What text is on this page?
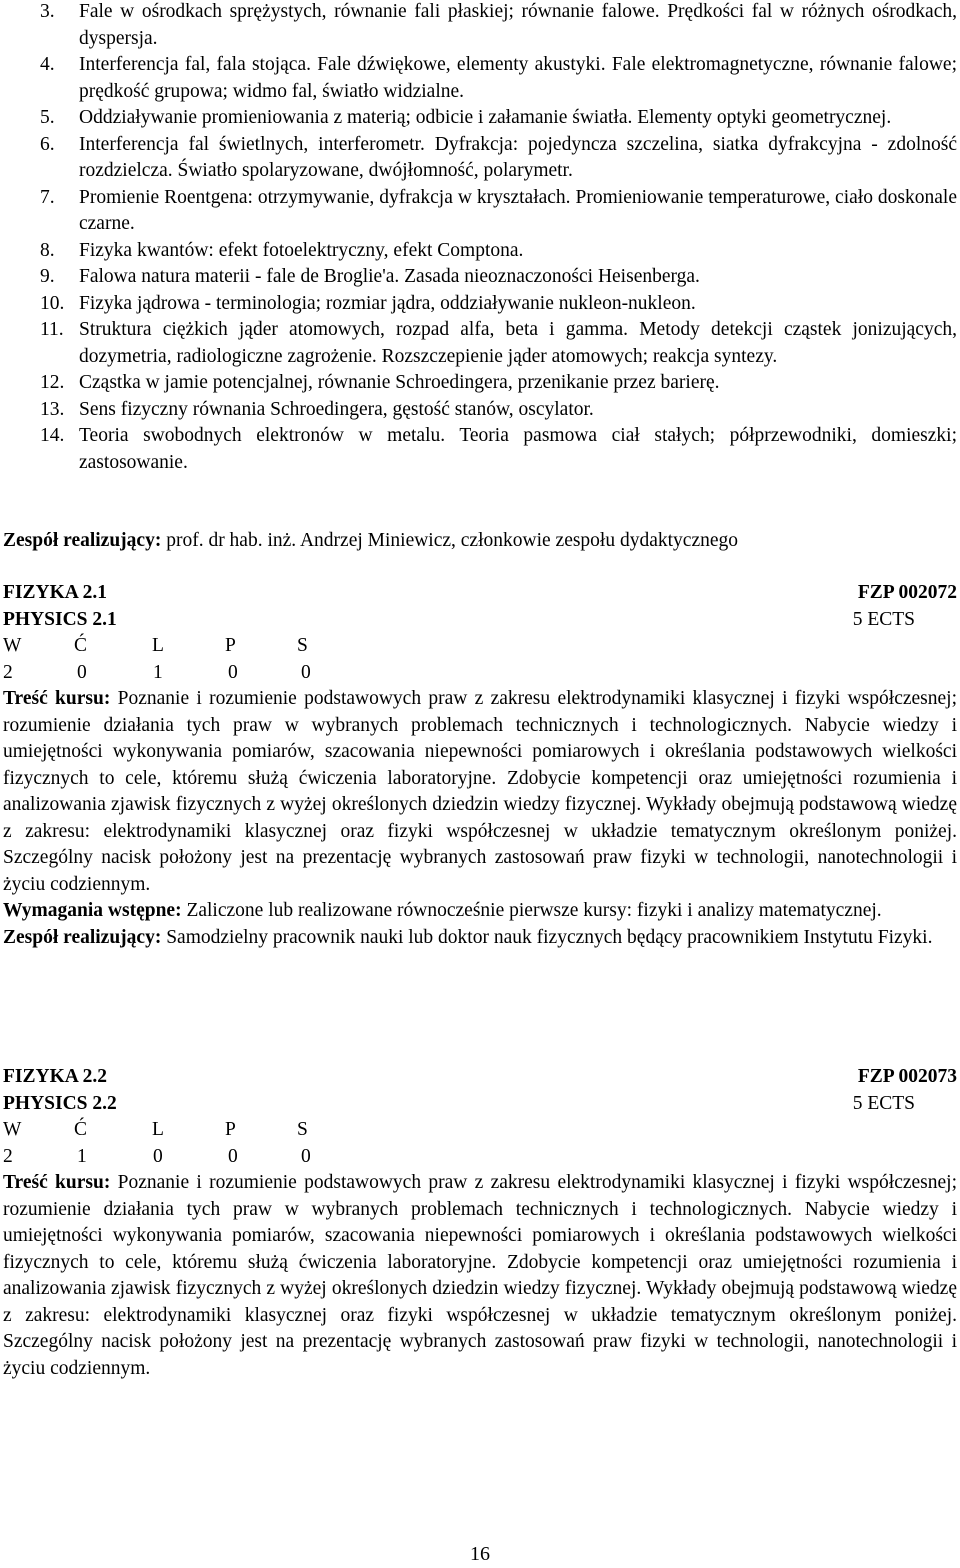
3. Fale w ośrodkach sprężystych, równanie fali płaskiej; równanie falowe. Prędkości fal w różnych ośrodkach, dyspersja.
4. Interferencja fal, fala stojąca. Fale dźwiękowe, elementy akustyki. Fale elektromagnetyczne, równanie falowe; prędkość grupowa; widmo fal, światło widzialne.
5. Oddziaływanie promieniowania z materią; odbicie i załamanie światła. Elementy optyki geometrycznej.
6. Interferencja fal świetlnych, interferometr. Dyfrakcja: pojedyncza szczelina, siatka dyfrakcyjna - zdolność rozdzielcza. Światło spolaryzowane, dwójłomność, polarymetr.
7. Promienie Roentgena: otrzymywanie, dyfrakcja w kryształach. Promieniowanie temperaturowe, ciało doskonale czarne.
8. Fizyka kwantów: efekt fotoelektryczny, efekt Comptona.
9. Falowa natura materii - fale de Broglie'a. Zasada nieoznaczoności Heisenberga.
10. Fizyka jądrowa - terminologia; rozmiar jądra, oddziaływanie nukleon-nukleon.
11. Struktura ciężkich jąder atomowych, rozpad alfa, beta i gamma. Metody detekcji cząstek jonizujących, dozymetria, radiologiczne zagrożenie. Rozszczepienie jąder atomowych; reakcja syntezy.
12. Cząstka w jamie potencjalnej, równanie Schroedingera, przenikanie przez barierę.
13. Sens fizyczny równania Schroedingera, gęstość stanów, oscylator.
14. Teoria swobodnych elektronów w metalu. Teoria pasmowa ciał stałych; półprzewodniki, domieszki; zastosowanie.

Zespół realizujący: prof. dr hab. inż. Andrzej Miniewicz, członkowie zespołu dydaktycznego

FIZYKA 2.1	FZP 002072
PHYSICS 2.1	5 ECTS
W	Ć	L	P	S
2	0	1	0	0

Treść kursu: Poznanie i rozumienie podstawowych praw z zakresu elektrodynamiki klasycznej i fizyki współczesnej; rozumienie działania tych praw w wybranych problemach technicznych i technologicznych. Nabycie wiedzy i umiejętności wykonywania pomiarów, szacowania niepewności pomiarowych i określania podstawowych wielkości fizycznych to cele, któremu służą ćwiczenia laboratoryjne. Zdobycie kompetencji oraz umiejętności rozumienia i analizowania zjawisk fizycznych z wyżej określonych dziedzin wiedzy fizycznej. Wykłady obejmują podstawową wiedzę z zakresu: elektrodynamiki klasycznej oraz fizyki współczesnej w układzie tematycznym określonym poniżej. Szczególny nacisk położony jest na prezentację wybranych zastosowań praw fizyki w technologii, nanotechnologii i życiu codziennym.

Wymagania wstępne: Zaliczone lub realizowane równocześnie pierwsze kursy: fizyki i analizy matematycznej.

Zespół realizujący: Samodzielny pracownik nauki lub doktor nauk fizycznych będący pracownikiem Instytutu Fizyki.

FIZYKA 2.2	FZP 002073
PHYSICS 2.2	5 ECTS
W	Ć	L	P	S
2	1	0	0	0

Treść kursu: Poznanie i rozumienie podstawowych praw z zakresu elektrodynamiki klasycznej i fizyki współczesnej; rozumienie działania tych praw w wybranych problemach technicznych i technologicznych. Nabycie wiedzy i umiejętności wykonywania pomiarów, szacowania niepewności pomiarowych i określania podstawowych wielkości fizycznych to cele, któremu służą ćwiczenia laboratoryjne. Zdobycie kompetencji oraz umiejętności rozumienia i analizowania zjawisk fizycznych z wyżej określonych dziedzin wiedzy fizycznej. Wykłady obejmują podstawową wiedzę z zakresu: elektrodynamiki klasycznej oraz fizyki współczesnej w układzie tematycznym określonym poniżej. Szczególny nacisk położony jest na prezentację wybranych zastosowań praw fizyki w technologii, nanotechnologii i życiu codziennym.

16
